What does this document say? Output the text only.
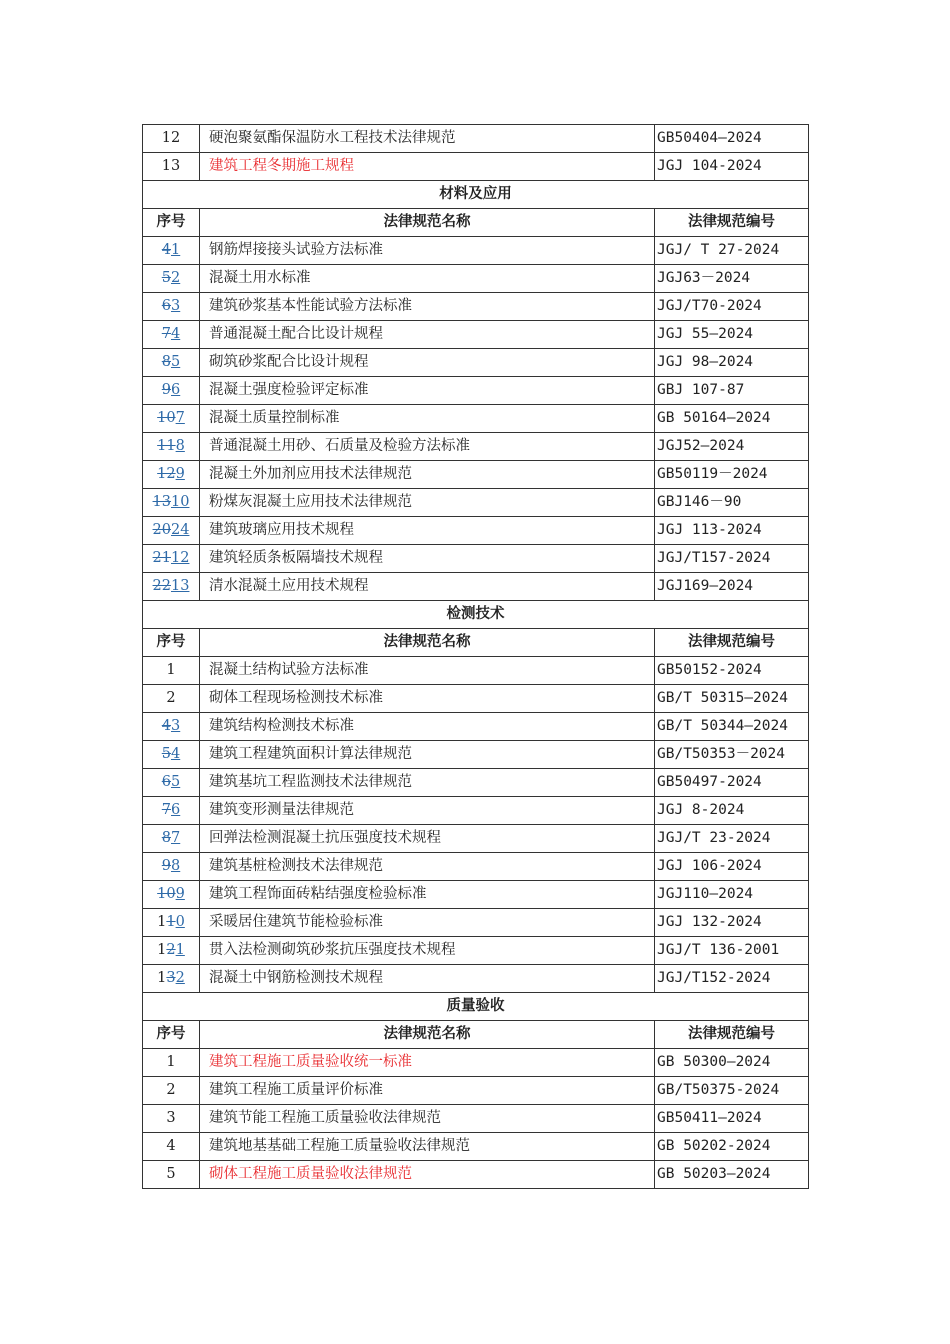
12	硬泡聚氨酯保温防水工程技术法律规范	GB50404—2024
13	建筑工程冬期施工规程	JGJ 104-2024
材料及应用		
序号	法律规范名称	法律规范编号
41	钢筋焊接接头试验方法标准	JGJ/ T 27-2024
52	混凝土用水标准	JGJ63－2024
63	建筑砂浆基本性能试验方法标准	JGJ/T70-2024
74	普通混凝土配合比设计规程	JGJ 55—2024
85	砌筑砂浆配合比设计规程	JGJ 98—2024
96	混凝土强度检验评定标准	GBJ 107-87
107	混凝土质量控制标准	GB 50164—2024
118	普通混凝土用砂、石质量及检验方法标准	JGJ52—2024
129	混凝土外加剂应用技术法律规范	GB50119－2024
1310	粉煤灰混凝土应用技术法律规范	GBJ146－90
2024	建筑玻璃应用技术规程	JGJ 113-2024
2112	建筑轻质条板隔墙技术规程	JGJ/T157-2024
2213	清水混凝土应用技术规程	JGJ169—2024
检测技术		
序号	法律规范名称	法律规范编号
1	混凝土结构试验方法标准	GB50152-2024
2	砌体工程现场检测技术标准	GB/T 50315—2024
43	建筑结构检测技术标准	GB/T 50344—2024
54	建筑工程建筑面积计算法律规范	GB/T50353－2024
65	建筑基坑工程监测技术法律规范	GB50497-2024
76	建筑变形测量法律规范	JGJ 8-2024
87	回弹法检测混凝土抗压强度技术规程	JGJ/T 23-2024
98	建筑基桩检测技术法律规范	JGJ 106-2024
109	建筑工程饰面砖粘结强度检验标准	JGJ110—2024
110	采暖居住建筑节能检验标准	JGJ 132-2024
121	贯入法检测砌筑砂浆抗压强度技术规程	JGJ/T 136-2001
132	混凝土中钢筋检测技术规程	JGJ/T152-2024
质量验收		
序号	法律规范名称	法律规范编号
1	建筑工程施工质量验收统一标准	GB 50300—2024
2	建筑工程施工质量评价标准	GB/T50375-2024
3	建筑节能工程施工质量验收法律规范	GB50411—2024
4	建筑地基基础工程施工质量验收法律规范	GB 50202-2024
5	砌体工程施工质量验收法律规范	GB 50203—2024
